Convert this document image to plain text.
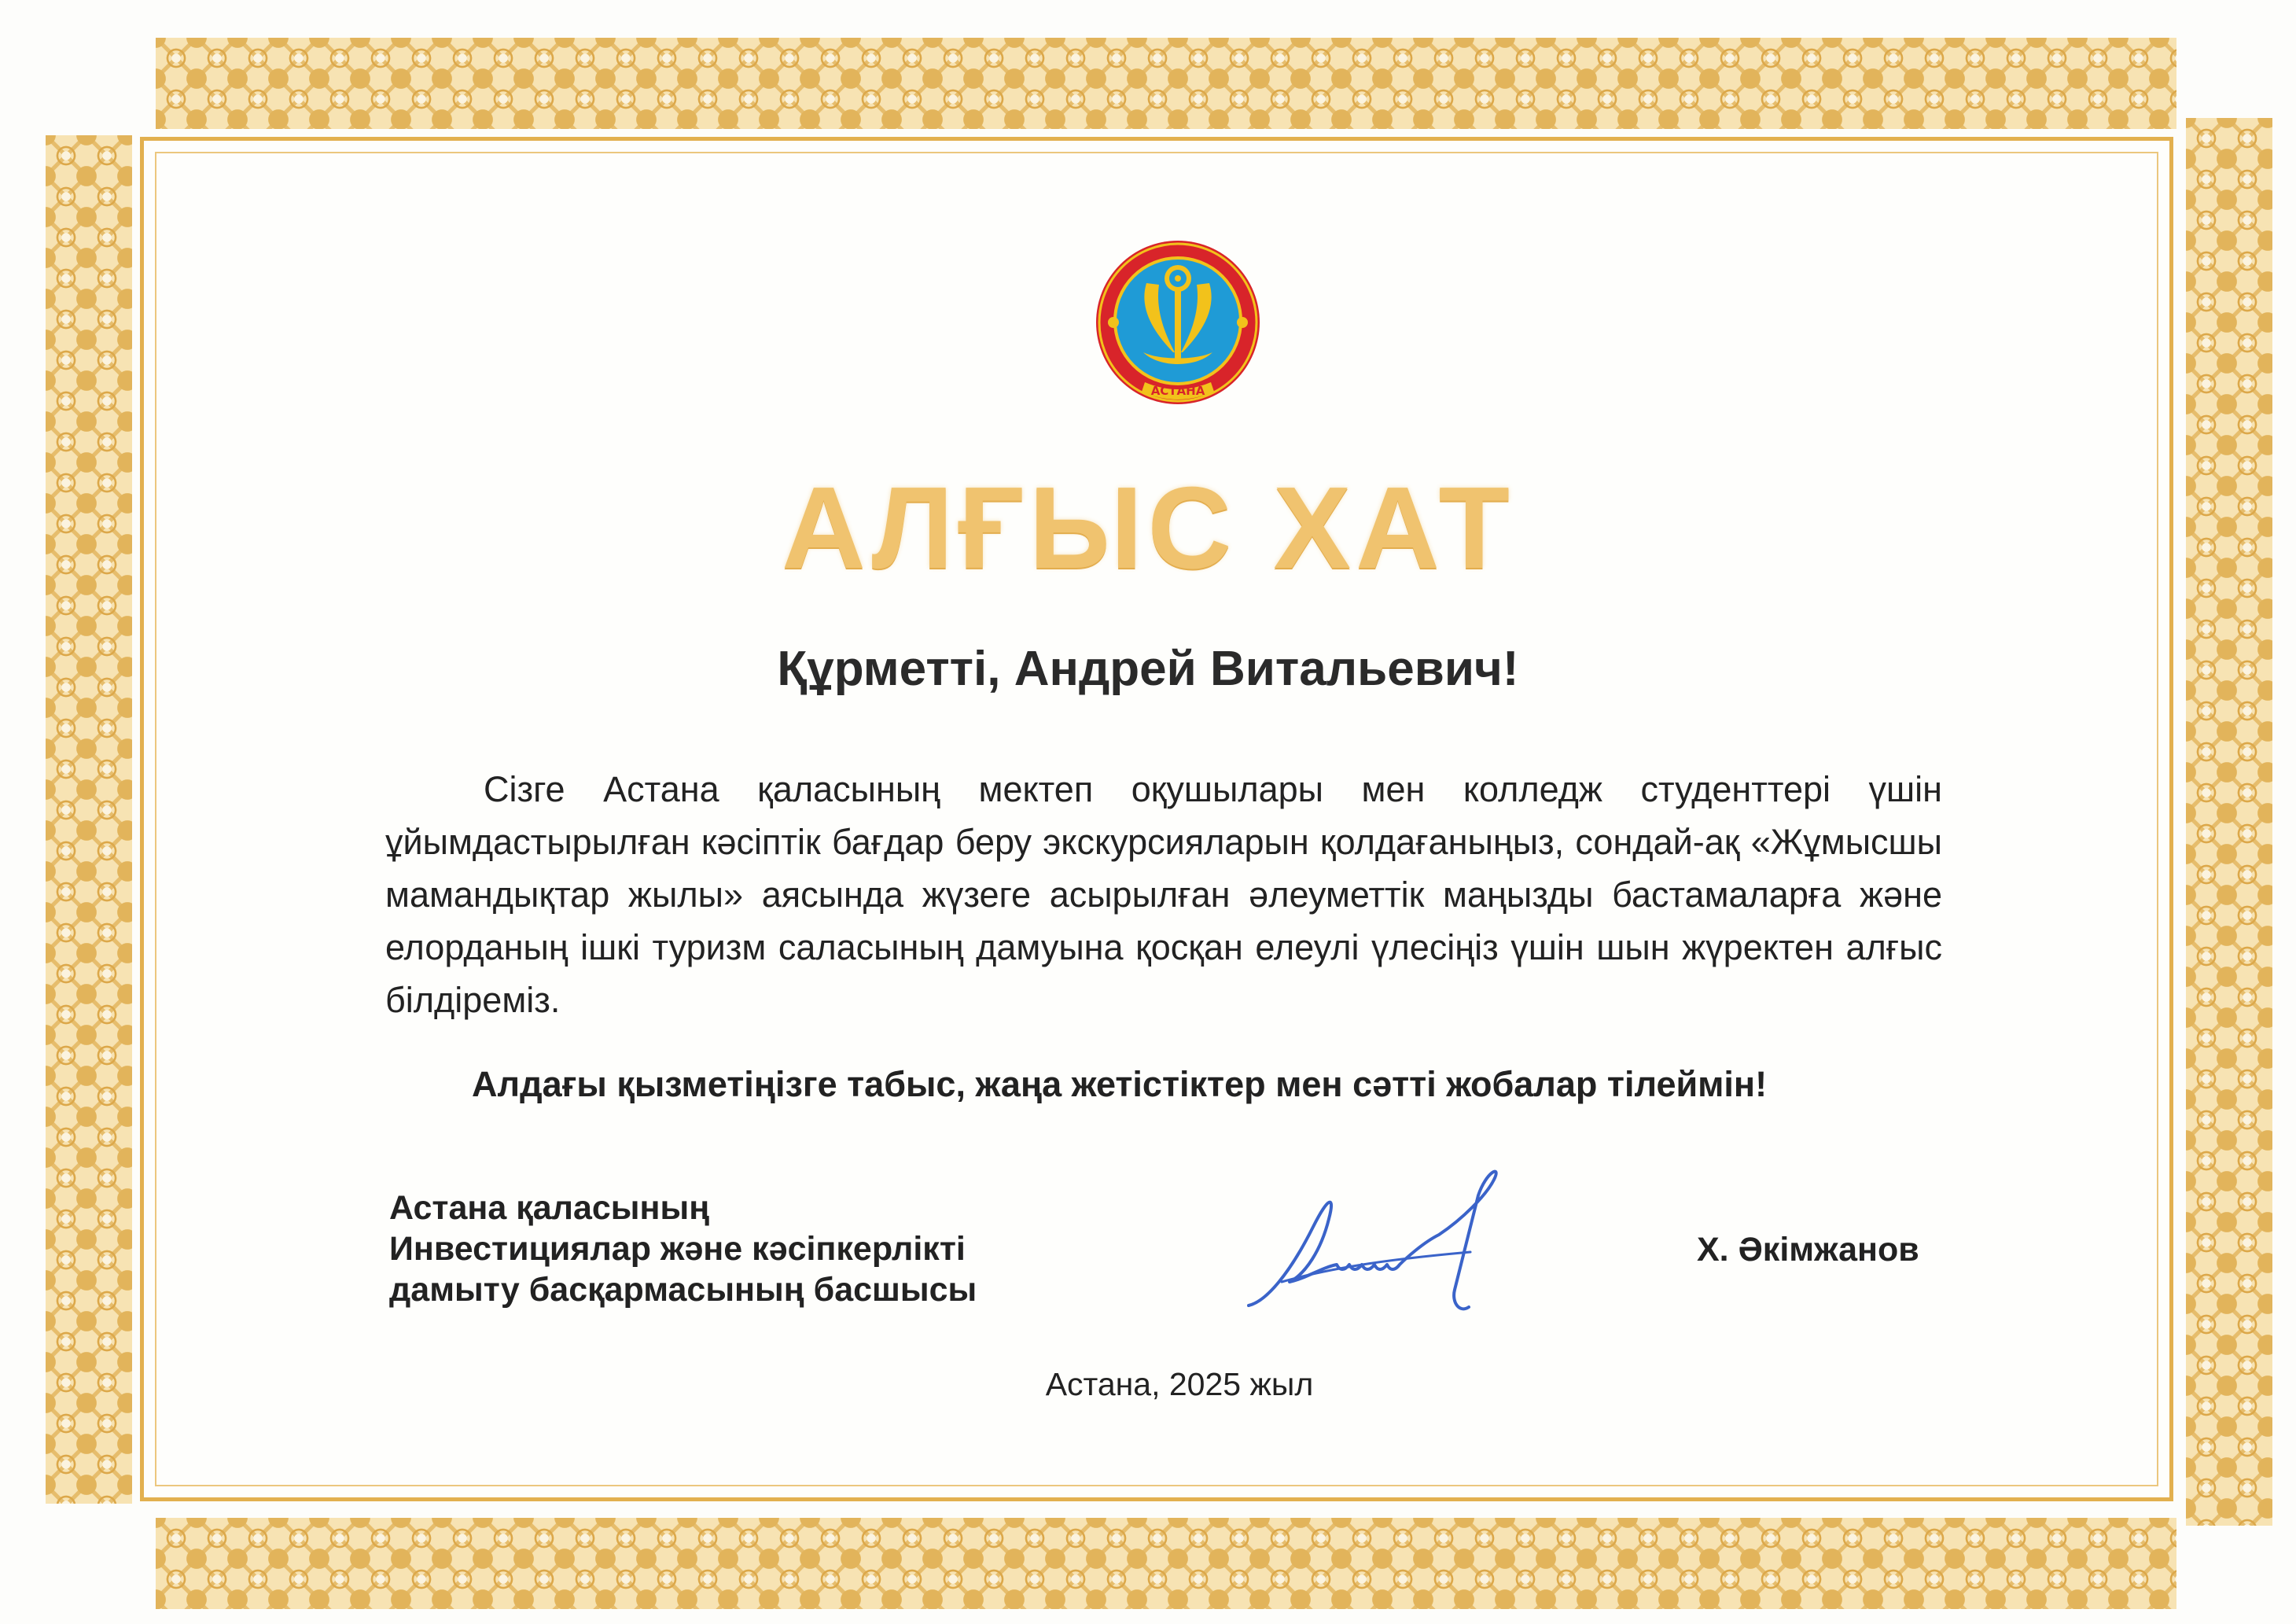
АСТАНА
АЛҒЫС ХАТ
Құрметті, Андрей Витальевич!
Сізге Астана қаласының мектеп оқушылары мен колледж студенттері үшін ұйымдастырылған кәсіптік бағдар беру экскурсияларын қолдағаныңыз, сондай-ақ «Жұмысшы мамандықтар жылы» аясында жүзеге асырылған әлеуметтік маңызды бастамаларға және елорданың ішкі туризм саласының дамуына қосқан елеулі үлесіңіз үшін шын жүректен алғыс білдіреміз.
Алдағы қызметіңізге табыс, жаңа жетістіктер мен сәтті жобалар тілеймін!
Астана қаласының
Инвестициялар және кәсіпкерлікті
дамыту басқармасының басшысы
Х. Әкімжанов
Астана, 2025 жыл
